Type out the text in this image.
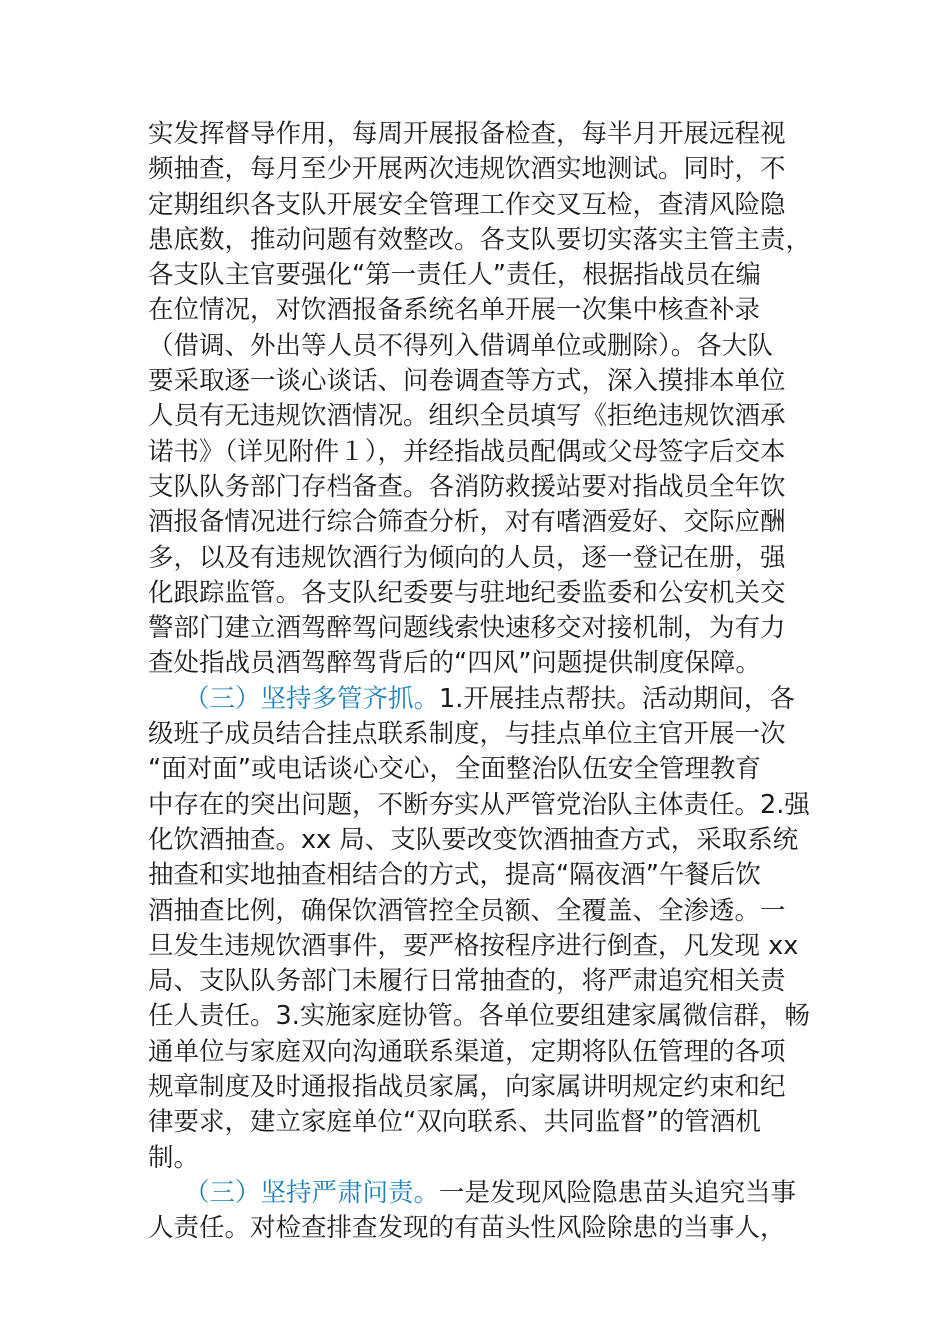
实发挥督导作用，每周开展报备检查，每半月开展远程视
频抽查，每月至少开展两次违规饮酒实地测试。同时，不
定期组织各支队开展安全管理工作交叉互检，查清风险隐
患底数，推动问题有效整改。各支队要切实落实主管主责，
各支队主官要强化“第一责任人”责任，根据指战员在编
在位情况，对饮酒报备系统名单开展一次集中核查补录
（借调、外出等人员不得列入借调单位或删除）。各大队
要采取逐一谈心谈话、问卷调查等方式，深入摸排本单位
人员有无违规饮酒情况。组织全员填写《拒绝违规饮酒承
诺书》（详见附件１），并经指战员配偶或父母签字后交本
支队队务部门存档备查。各消防救援站要对指战员全年饮
酒报备情况进行综合筛查分析，对有嗜酒爱好、交际应酬
多，以及有违规饮酒行为倾向的人员，逐一登记在册，强
化跟踪监管。各支队纪委要与驻地纪委监委和公安机关交
警部门建立酒驾醉驾问题线索快速移交对接机制，为有力
查处指战员酒驾醉驾背后的“四风”问题提供制度保障。
（三）坚持多管齐抓。1.开展挂点帮扶。活动期间，各
级班子成员结合挂点联系制度，与挂点单位主官开展一次
“面对面”或电话谈心交心，全面整治队伍安全管理教育
中存在的突出问题，不断夯实从严管党治队主体责任。2.强
化饮酒抽查。xx 局、支队要改变饮酒抽查方式，采取系统
抽查和实地抽查相结合的方式，提高“隔夜酒”午餐后饮
酒抽查比例，确保饮酒管控全员额、全覆盖、全渗透。一
旦发生违规饮酒事件，要严格按程序进行倒查，凡发现 xx
局、支队队务部门未履行日常抽查的，将严肃追究相关责
任人责任。3.实施家庭协管。各单位要组建家属微信群，畅
通单位与家庭双向沟通联系渠道，定期将队伍管理的各项
规章制度及时通报指战员家属，向家属讲明规定约束和纪
律要求，建立家庭单位“双向联系、共同监督”的管酒机
制。
（三）坚持严肃问责。一是发现风险隐患苗头追究当事
人责任。对检查排查发现的有苗头性风险除患的当事人，
